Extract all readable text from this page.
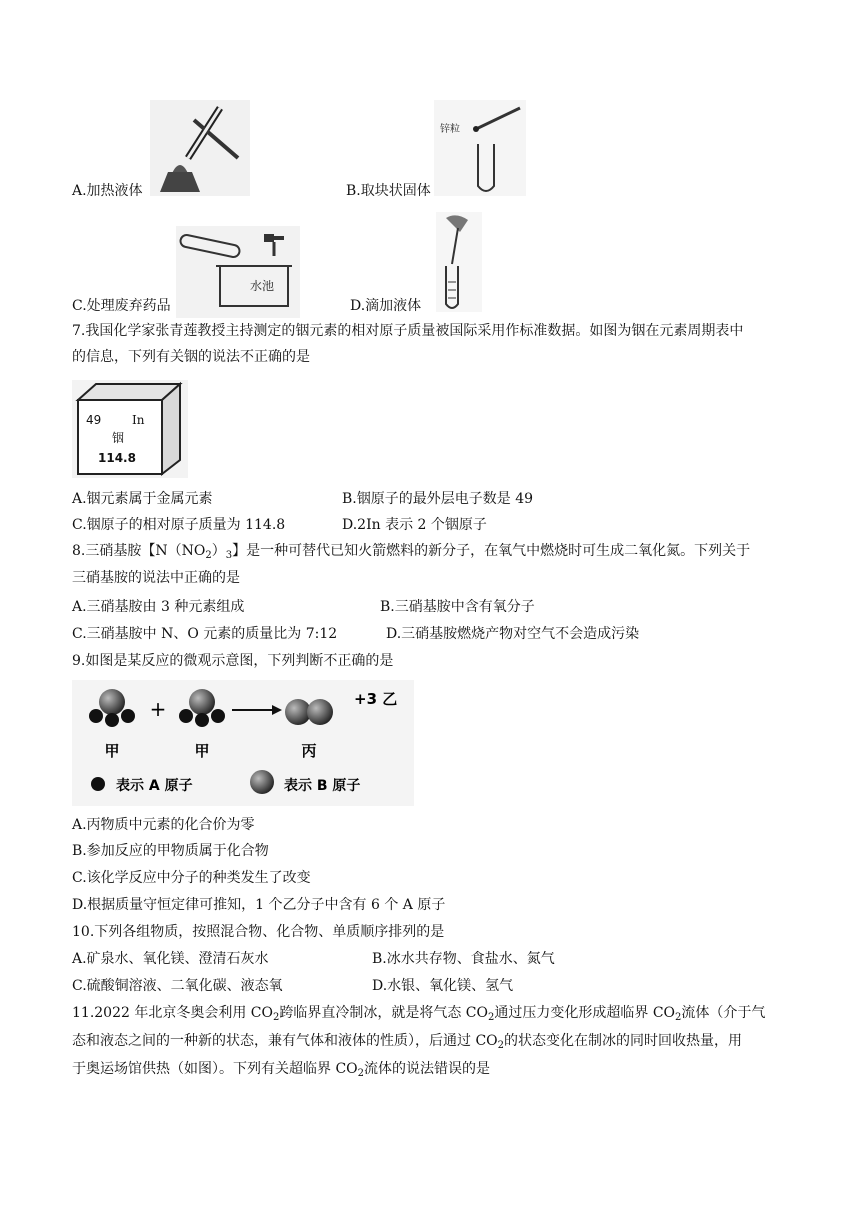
A.加热液体
锌粒
B.取块状固体
水池
C.处理废弃药品	D.滴加液体
7.我国化学家张青莲教授主持测定的铟元素的相对原子质量被国际采用作标准数据。如图为铟在元素周期表中
的信息，下列有关铟的说法不正确的是
49	In
铟
114.8
A.铟元素属于金属元素	B.铟原子的最外层电子数是 49
C.铟原子的相对原子质量为 114.8	D.2In 表示 2 个铟原子
8.三硝基胺【$N(NO_2)_3$】是一种可替代已知火箭燃料的新分子，在氧气中燃烧时可生成二氧化氮。下列关于
三硝基胺的说法中正确的是
A.三硝基胺由 3 种元素组成	B.三硝基胺中含有氧分子
C.三硝基胺中 N、O 元素的质量比为 7:12	D.三硝基胺燃烧产物对空气不会造成污染
9.如图是某反应的微观示意图，下列判断不正确的是
甲
+
甲	丙
+3 乙
表示 A 原子	表示 B 原子
A.丙物质中元素的化合价为零
B.参加反应的甲物质属于化合物
C.该化学反应中分子的种类发生了改变
D.根据质量守恒定律可推知，1 个乙分子中含有 6 个 A 原子
10.下列各组物质，按照混合物、化合物、单质顺序排列的是
A.矿泉水、氧化镁、澄清石灰水	B.冰水共存物、食盐水、氮气
C.硫酸铜溶液、二氧化碳、液态氧	D.水银、氧化镁、氢气
11.2022 年北京冬奥会利用 $CO_2$跨临界直冷制冰，就是将气态 $CO_2$通过压力变化形成超临界 $CO_2$流体（介于气
态和液态之间的一种新的状态，兼有气体和液体的性质），后通过 $CO_2$的状态变化在制冰的同时回收热量，用
于奥运场馆供热（如图）。下列有关超临界 $CO_2$流体的说法错误的是
